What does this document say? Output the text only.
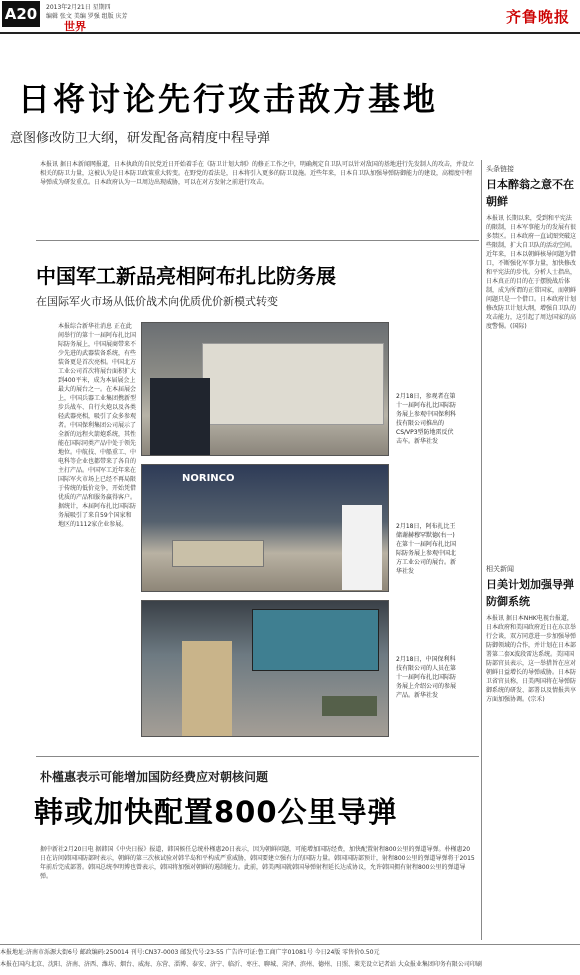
A20	2013年2月21日 星期四
编辑 张文 美编 罗强 组版 庆芳
世界
齐鲁晚报
日将讨论先行攻击敌方基地
意图修改防卫大纲，研发配备高精度中程导弹
本报讯 据日本新闻网报道，日本执政的自民党近日开始着手在《防卫计划大纲》的修正工作之中，明确规定自卫队可以针对敌国的基地进行先发制人的攻击，并设立相关的防卫力量，这被认为是日本防卫政策重大转变。在野党的看法是，日本将引入更多的防卫设施。近些年来，日本自卫队加强导弹防御能力的建设，高精度中程导弹成为研发重点。日本政府认为一旦周边出现威胁，可以在对方发射之前进行攻击。
中国军工新品亮相阿布扎比防务展
在国际军火市场从低价战术向优质优价新模式转变
本报综合新华社消息 正在此间举行的第十一届阿布扎比国际防务展上，中国展商带来不少先进的武器装备系统，有些装备更是首次亮相。中国北方工业公司首次将展台面积扩大到400平米，成为本届展会上最大的展台之一。在本届展会上，中国兵器工业集团携新型步兵战车、自行火炮以及各类轻武器亮相，吸引了众多参观者。中国保利集团公司展示了全新的远程火箭炮系统，其性能在国际同类产品中处于领先地位。中航技、中船重工、中电科等企业也都带来了各自的主打产品。中国军工近年来在国际军火市场上已经不再局限于传统的低价竞争，开始凭借优质的产品和服务赢得客户。据统计，本届阿布扎比国际防务展吸引了来自59个国家和地区的1112家企业参展。
2月18日，参观者在第十一届阿布扎比国际防务展上参观中国保利科技有限公司推出的CS/VP3型防地雷反伏击车。新华社发
NORINCO
2月18日，阿布扎比王储谢赫穆罕默德(右一)在第十一届阿布扎比国际防务展上参观中国北方工业公司的展台。新华社发
2月18日，中国保利科技有限公司的人员在第十一届阿布扎比国际防务展上介绍公司的参展产品。新华社发
朴槿惠表示可能增加国防经费应对朝核问题
韩或加快配置800公里导弹
据中新社2月20日电 据韩国《中央日报》报道，韩国候任总统朴槿惠20日表示，因为朝鲜问题，可能增加国防经费，加快配置射程800公里的弹道导弹。朴槿惠20日在访问韩国国防部时表示，朝鲜的第三次核试验对韩半岛和平构成严重威胁，韩国要建立强有力的国防力量。韩国国防部预计，射程800公里的弹道导弹将于2015年前后完成部署。韩国总统李明博也曾表示，韩国将加强对朝鲜的遏制能力。此前，韩美两国就韩国导弹射程延长达成协议，允许韩国拥有射程800公里的弹道导弹。
头条链接
日本醉翁之意不在朝鲜
本报讯 长期以来，受到和平宪法的限制，日本军事能力的发展有很多禁区。日本政府一直试图突破这些限制，扩大自卫队的活动空间。近年来，日本以朝鲜核导问题为借口，不断强化军事力量，加快修改和平宪法的步伐。分析人士指出，日本真正的目的在于摆脱战后体制，成为所谓的正常国家，而朝鲜问题只是一个借口。日本政府计划修改防卫计划大纲，增强自卫队的攻击能力，这引起了周边国家的高度警惕。(国际)
相关新闻
日美计划加强导弹防御系统
本报讯 据日本NHK电视台报道，日本政府和美国政府近日在东京举行会谈，双方同意进一步加强导弹防御领域的合作，并计划在日本部署第二套X波段雷达系统。美国国防部官员表示，这一举措旨在应对朝鲜日益增长的导弹威胁。日本防卫省官员称，日美两国将在导弹防御系统的研发、部署以及情报共享方面加强协调。(宗禾)
本报地址:济南市泺源大街6号 邮政编码:250014 刊号:CN37-0003 邮发代号:23-55 广告许可证:鲁工商广字01081号 今日24版 零售价0.50元
本报在国内北京、沈阳、济南、济西、潍坊、烟台、威海、东营、淄博、泰安、济宁、临沂、枣庄、聊城、菏泽、滨州、德州、日照、莱芜设立记者站 大众报业集团印务有限公司印刷
